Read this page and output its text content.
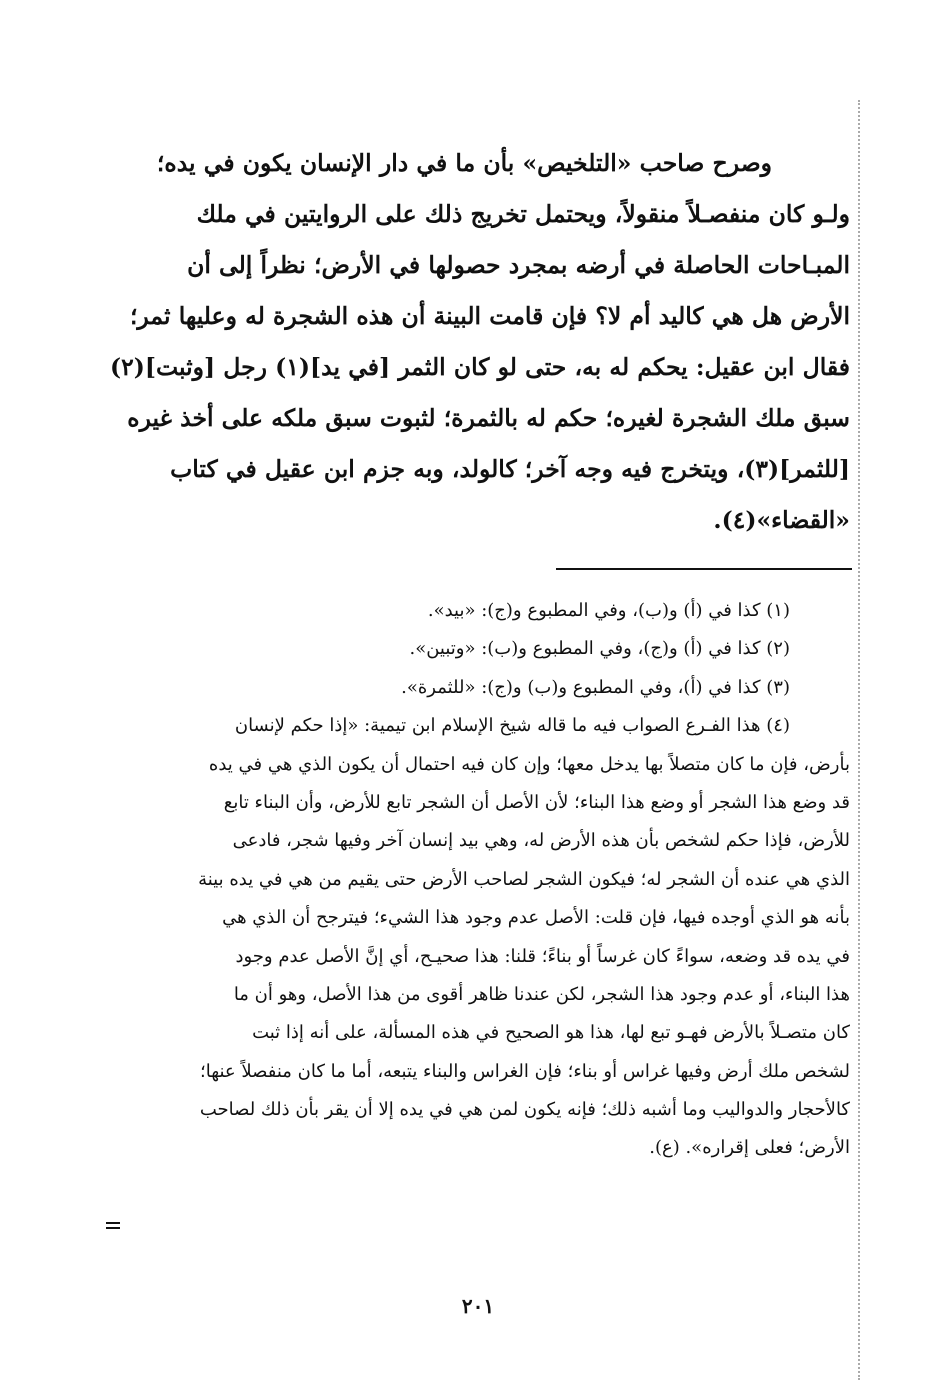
وصرح صاحب «التلخيص» بأن ما في دار الإنسان يكون في يده؛
ولـو كان منفصـلاً منقولاً، ويحتمل تخريج ذلك على الروايتين في ملك
المبـاحات الحاصلة في أرضه بمجرد حصولها في الأرض؛ نظراً إلى أن
الأرض هل هي كاليد أم لا؟ فإن قامت البينة أن هذه الشجرة له وعليها ثمر؛
فقال ابن عقيل: يحكم له به، حتى لو كان الثمر [في يد](١) رجل [وثبت](٢)
سبق ملك الشجرة لغيره؛ حكم له بالثمرة؛ لثبوت سبق ملكه على أخذ غيره
[للثمر](٣)، ويتخرج فيه وجه آخر؛ كالولد، وبه جزم ابن عقيل في كتاب
«القضاء»(٤).
(١) كذا في (أ) و(ب)، وفي المطبوع و(ج): «بيد».
(٢) كذا في (أ) و(ج)، وفي المطبوع و(ب): «وتبين».
(٣) كذا في (أ)، وفي المطبوع و(ب) و(ج): «للثمرة».
(٤) هذا الفـرع الصواب فيه ما قاله شيخ الإسلام ابن تيمية: «إذا حكم لإنسان
بأرض، فإن ما كان متصلاً بها يدخل معها؛ وإن كان فيه احتمال أن يكون الذي هي في يده
قد وضع هذا الشجر أو وضع هذا البناء؛ لأن الأصل أن الشجر تابع للأرض، وأن البناء تابع
للأرض، فإذا حكم لشخص بأن هذه الأرض له، وهي بيد إنسان آخر وفيها شجر، فادعى
الذي هي عنده أن الشجر له؛ فيكون الشجر لصاحب الأرض حتى يقيم من هي في يده بينة
بأنه هو الذي أوجده فيها، فإن قلت: الأصل عدم وجود هذا الشيء؛ فيترجح أن الذي هي
في يده قد وضعه، سواءً كان غرساً أو بناءً؛ قلنا: هذا صحيـح، أي إنَّ الأصل عدم وجود
هذا البناء، أو عدم وجود هذا الشجر، لكن عندنا ظاهر أقوى من هذا الأصل، وهو أن ما
كان متصـلاً بالأرض فهـو تبع لها، هذا هو الصحيح في هذه المسألة، على أنه إذا ثبت
لشخص ملك أرض وفيها غراس أو بناء؛ فإن الغراس والبناء يتبعه، أما ما كان منفصلاً عنها؛
كالأحجار والدواليب وما أشبه ذلك؛ فإنه يكون لمن هي في يده إلا أن يقر بأن ذلك لصاحب
الأرض؛ فعلى إقراره». (ع).
٢٠١
